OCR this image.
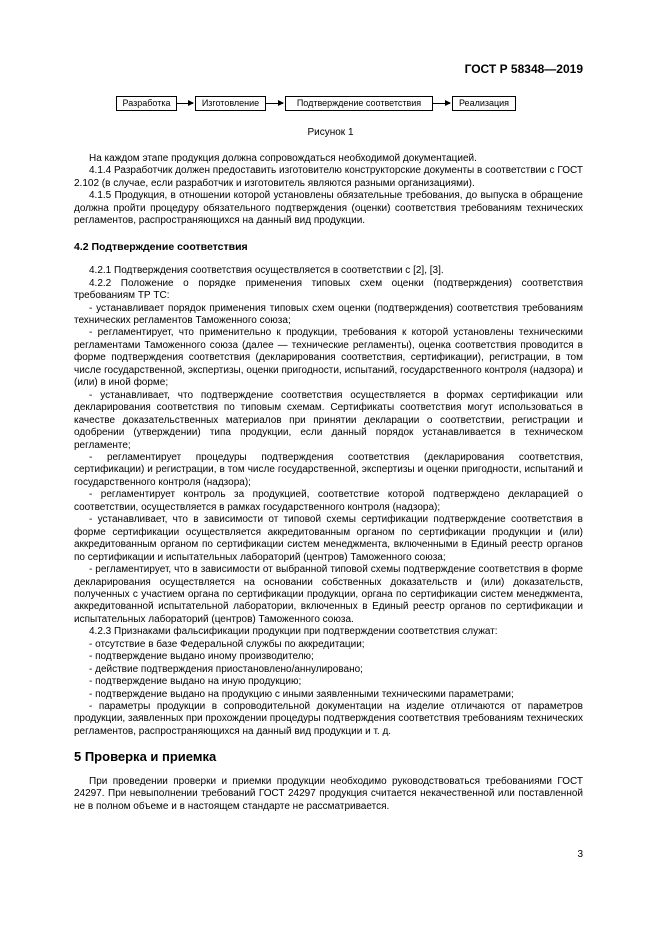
ГОСТ Р 58348—2019
Разработка	Изготовление	Подтверждение соответствия	Реализация
Рисунок 1

На каждом этапе продукция должна сопровождаться необходимой документацией.

4.1.4 Разработчик должен предоставить изготовителю конструкторские документы в соответствии с ГОСТ 2.102 (в случае, если разработчик и изготовитель являются разными организациями).

4.1.5 Продукция, в отношении которой установлены обязательные требования, до выпуска в обращение должна пройти процедуру обязательного подтверждения (оценки) соответствия требованиям технических регламентов, распространяющихся на данный вид продукции.

4.2 Подтверждение соответствия

4.2.1 Подтверждения соответствия осуществляется в соответствии с [2], [3].

4.2.2 Положение о порядке применения типовых схем оценки (подтверждения) соответствия требованиям ТР ТС:

- устанавливает порядок применения типовых схем оценки (подтверждения) соответствия требованиям технических регламентов Таможенного союза;

- регламентирует, что применительно к продукции, требования к которой установлены техническими регламентами Таможенного союза (далее — технические регламенты), оценка соответствия проводится в форме подтверждения соответствия (декларирования соответствия, сертификации), регистрации, в том числе государственной, экспертизы, оценки пригодности, испытаний, государственного контроля (надзора) и (или) в иной форме;

- устанавливает, что подтверждение соответствия осуществляется в формах сертификации или декларирования соответствия по типовым схемам. Сертификаты соответствия могут использоваться в качестве доказательственных материалов при принятии декларации о соответствии, регистрации и одобрении (утверждении) типа продукции, если данный порядок устанавливается в техническом регламенте;

- регламентирует процедуры подтверждения соответствия (декларирования соответствия, сертификации) и регистрации, в том числе государственной, экспертизы и оценки пригодности, испытаний и государственного контроля (надзора);

- регламентирует контроль за продукцией, соответствие которой подтверждено декларацией о соответствии, осуществляется в рамках государственного контроля (надзора);

- устанавливает, что в зависимости от типовой схемы сертификации подтверждение соответствия в форме сертификации осуществляется аккредитованным органом по сертификации продукции и (или) аккредитованным органом по сертификации систем менеджмента, включенными в Единый реестр органов по сертификации и испытательных лабораторий (центров) Таможенного союза;

- регламентирует, что в зависимости от выбранной типовой схемы подтверждение соответствия в форме декларирования осуществляется на основании собственных доказательств и (или) доказательств, полученных с участием органа по сертификации продукции, органа по сертификации систем менеджмента, аккредитованной испытательной лаборатории, включенных в Единый реестр органов по сертификации и испытательных лабораторий (центров) Таможенного союза.

4.2.3 Признаками фальсификации продукции при подтверждении соответствия служат:

- отсутствие в базе Федеральной службы по аккредитации;

- подтверждение выдано иному производителю;

- действие подтверждения приостановлено/аннулировано;

- подтверждение выдано на иную продукцию;

- подтверждение выдано на продукцию с иными заявленными техническими параметрами;

- параметры продукции в сопроводительной документации на изделие отличаются от параметров продукции, заявленных при прохождении процедуры подтверждения соответствия требованиям технических регламентов, распространяющихся на данный вид продукции и т. д.

5 Проверка и приемка

При проведении проверки и приемки продукции необходимо руководствоваться требованиями ГОСТ 24297. При невыполнении требований ГОСТ 24297 продукция считается некачественной или поставленной не в полном объеме и в настоящем стандарте не рассматривается.

3
